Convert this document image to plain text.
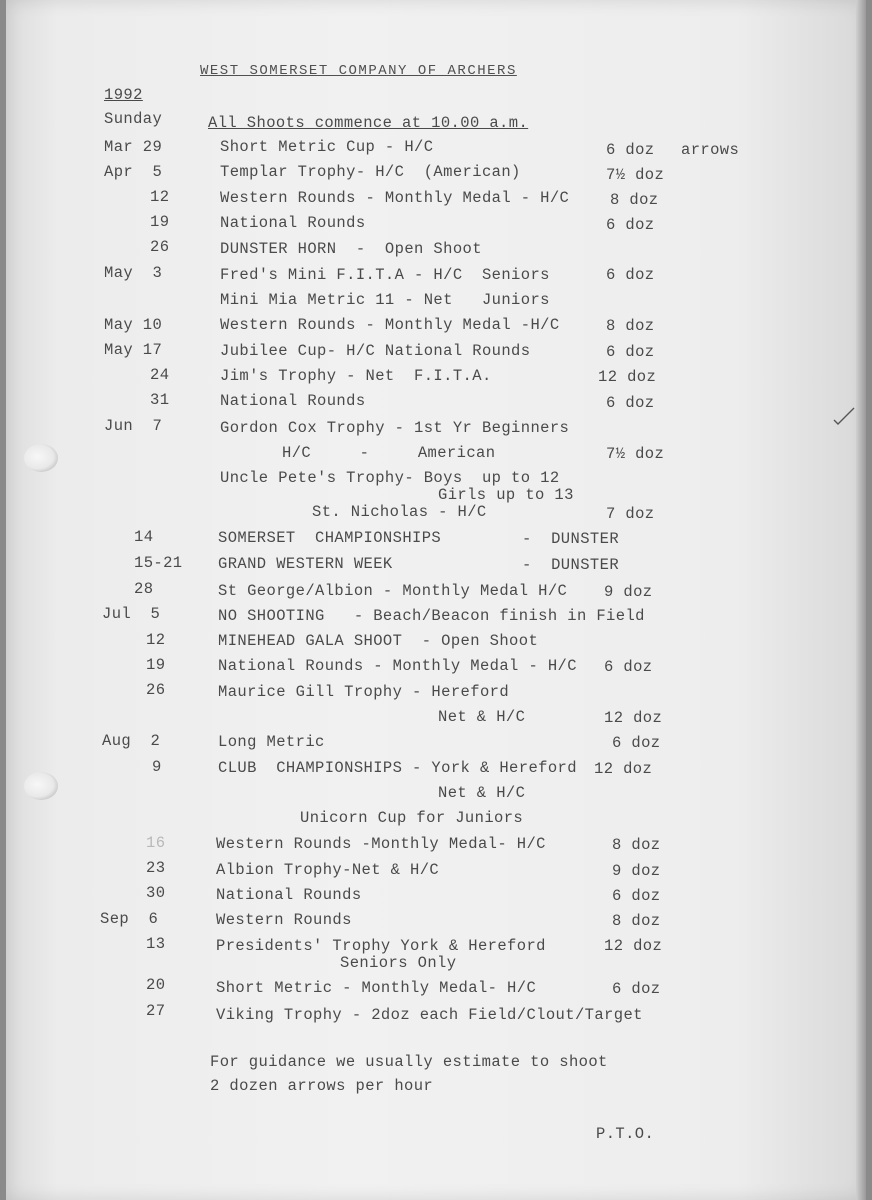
WEST SOMERSET COMPANY OF ARCHERS
1992
Sunday	All Shoots commence at 10.00 a.m.
Mar 29	Short Metric Cup - H/C	6 doz arrows
Apr  5	Templar Trophy- H/C  (American)	7½ doz
12	Western Rounds - Monthly Medal - H/C	8 doz
19	National Rounds	6 doz
26	DUNSTER HORN  -  Open Shoot
May  3	Fred's Mini F.I.T.A - H/C  Seniors	6 doz
Mini Mia Metric 11 - Net   Juniors
May 10	Western Rounds - Monthly Medal -H/C	8 doz
May 17	Jubilee Cup- H/C National Rounds	6 doz
24	Jim's Trophy - Net  F.I.T.A.	12 doz
31	National Rounds	6 doz
Jun  7	Gordon Cox Trophy - 1st Yr Beginners
H/C     -     American	7½ doz
Uncle Pete's Trophy- Boys  up to 12
Girls up to 13
St. Nicholas - H/C	7 doz
14	SOMERSET  CHAMPIONSHIPS	-  DUNSTER
15-21 GRAND WESTERN WEEK	-  DUNSTER
28	St George/Albion - Monthly Medal H/C 9 doz
Jul  5	NO SHOOTING   - Beach/Beacon finish in Field
12	MINEHEAD GALA SHOOT  - Open Shoot
19	National Rounds - Monthly Medal - H/C 6 doz
26	Maurice Gill Trophy - Hereford
Net & H/C	12 doz
Aug  2	Long Metric	6 doz
9	CLUB  CHAMPIONSHIPS - York & Hereford 12 doz
Net & H/C
Unicorn Cup for Juniors
16	Western Rounds -Monthly Medal- H/C	8 doz
23	Albion Trophy-Net & H/C	9 doz
30	National Rounds	6 doz
Sep  6	Western Rounds	8 doz
13	Presidents' Trophy York & Hereford	12 doz
Seniors Only
20	Short Metric - Monthly Medal- H/C	6 doz
27	Viking Trophy - 2doz each Field/Clout/Target
For guidance we usually estimate to shoot
2 dozen arrows per hour
P.T.O.
